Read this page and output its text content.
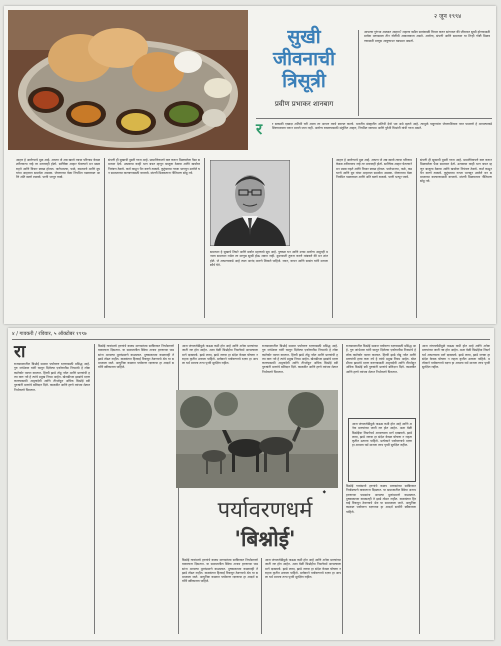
२ जून १९९४
सुखी
जीवनाची
त्रिसूत्री
प्रवीण प्रभाकर शानबाग
आपल्या गुरूंचा आठवत आहात? शहाणा वडील सायंकाळी विचार करुन सांगतात की जीवनात सुखी होण्यासाठी प्रत्येक माणसाला तीन गोष्टींची आवश्यकता असते. आरोग्य, संपत्ती आणि समाधान या तिन्ही गोष्टी मिळवण्यासाठी माणूस आयुष्यभर धडपडत असतो.
र	र सकाळी एखादा अतिथी घरी आला तर आपण त्याचे स्वागत करतो. भारतीय संस्कृतीत अतिथी देवो भव असे म्हटले आहे. त्यामुळे पाहुण्यांना जेवणाशिवाय परत पाठवणे हे आपल्याकडे शिष्टाचाराला धरून मानले जात नाही. आरोग्य राखण्यासाठी संतुलित आहार, नियमित व्यायाम आणि पुरेशी विश्रांती यांची गरज असते.
आहार हे आरोग्याचे मूळ आहे. आपण जे अन्न खातो त्याचा परिणाम केवळ शरीरावरच नव्हे तर मनावरही होतो. सात्त्विक आहार घेतल्याने मन प्रसन्न राहते आणि विचार स्वच्छ होतात. पालेभाज्या, फळे, कडधान्ये आणि दूध यांचा आहारात समावेश असावा. जेवणाच्या वेळा नियमित पाळाव्यात आणि अति खाणे टाळावे. पाणी भरपूर प्यावे.
संपत्ती ही सुखाची दुसरी गरज आहे. प्रामाणिकपणे कष्ट करून मिळवलेला पैसा समाधान देतो. उत्पन्नाचा काही भाग बचत म्हणून बाजूला ठेवावा आणि खर्चावर नियंत्रण ठेवावे. कर्ज काढून चैन करणे टाळावे. कुटुंबाच्या गरजा भागवून उरलेले धन समाजाच्या कल्याणासाठी वापरावे. संपत्ती मिळवताना नीतिमत्ता सोडू नये.
समाधान हे सुखाचे तिसरे आणि सर्वात महत्त्वाचे सूत्र आहे. पुष्कळ धन आणि उत्तम आरोग्य असूनही मनाला समाधान नसेल तर माणूस सुखी होऊ शकत नाही. दुसऱ्याशी तुलना करणे थांबवले की मन शांत होते. जे आपल्याकडे आहे त्यात आनंद मानणे शिकले पाहिजे. ध्यान, वाचन आणि सत्संग यांनी मनाला स्थैर्य येते.
आहार हे आरोग्याचे मूळ आहे. आपण जे अन्न खातो त्याचा परिणाम केवळ शरीरावरच नव्हे तर मनावरही होतो. सात्त्विक आहार घेतल्याने मन प्रसन्न राहते आणि विचार स्वच्छ होतात. पालेभाज्या, फळे, कडधान्ये आणि दूध यांचा आहारात समावेश असावा. जेवणाच्या वेळा नियमित पाळाव्यात आणि अति खाणे टाळावे. पाणी भरपूर प्यावे.
संपत्ती ही सुखाची दुसरी गरज आहे. प्रामाणिकपणे कष्ट करून मिळवलेला पैसा समाधान देतो. उत्पन्नाचा काही भाग बचत म्हणून बाजूला ठेवावा आणि खर्चावर नियंत्रण ठेवावे. कर्ज काढून चैन करणे टाळावे. कुटुंबाच्या गरजा भागवून उरलेले धन समाजाच्या कल्याणासाठी वापरावे. संपत्ती मिळवताना नीतिमत्ता सोडू नये.
४ / गावकरी / रविवार, ५ ऑक्टोबर १९९७
रा
राजस्थानातील बिश्नोई समाज पर्यावरण रक्षणासाठी प्रसिद्ध आहे. गुरु जांभेश्वर यांनी घालून दिलेल्या एकोणतीस नियमांचे हे लोक काटेकोर पालन करतात. हिरवी झाडे तोडू नयेत आणि प्राण्यांची हत्या करू नये हे त्यांचे प्रमुख नियम आहेत. खेजडीच्या झाडांचे रक्षण करण्यासाठी अमृतादेवी आणि तीनशेहून अधिक बिश्नोई स्त्री पुरुषांनी प्राणांचे बलिदान दिले. काळवीट आणि हरणे त्यांच्या शेतात निर्भयपणे फिरतात.
बिश्नोई गावांमध्ये हरणांचे कळप माणसांच्या सान्निध्यात निर्धास्तपणे वावरताना दिसतात. या समाजातील स्त्रिया अनाथ हरणाच्या पाडसांना आपल्या मुलांप्रमाणे वाढवतात. दुष्काळाच्या काळातही ते झाडे तोडत नाहीत. वाळवंटात हिरवाई टिकवून ठेवण्याचे श्रेय या समाजाला जाते. आधुनिक काळात पर्यावरण रक्षणाचा हा आदर्श सर्वांनी स्वीकारला पाहिजे.
आज जंगलतोडीमुळे पाऊस कमी होत आहे आणि अनेक प्राण्यांच्या जाती नष्ट होत आहेत. अशा वेळी बिश्नोईंचा निसर्गधर्म आपल्याला मार्ग दाखवतो. झाडे लावा, झाडे जगवा हा संदेश केवळ घोषणा न राहता कृतीत उतरला पाहिजे. प्रत्येकाने पर्यावरणाचे रक्षण हा आपला धर्म मानला तरच पृथ्वी सुरक्षित राहील.
राजस्थानातील बिश्नोई समाज पर्यावरण रक्षणासाठी प्रसिद्ध आहे. गुरु जांभेश्वर यांनी घालून दिलेल्या एकोणतीस नियमांचे हे लोक काटेकोर पालन करतात. हिरवी झाडे तोडू नयेत आणि प्राण्यांची हत्या करू नये हे त्यांचे प्रमुख नियम आहेत. खेजडीच्या झाडांचे रक्षण करण्यासाठी अमृतादेवी आणि तीनशेहून अधिक बिश्नोई स्त्री पुरुषांनी प्राणांचे बलिदान दिले. काळवीट आणि हरणे त्यांच्या शेतात निर्भयपणे फिरतात.
◆
पर्यावरणधर्म
'बिश्नोई'
बिश्नोई गावांमध्ये हरणांचे कळप माणसांच्या सान्निध्यात निर्धास्तपणे वावरताना दिसतात. या समाजातील स्त्रिया अनाथ हरणाच्या पाडसांना आपल्या मुलांप्रमाणे वाढवतात. दुष्काळाच्या काळातही ते झाडे तोडत नाहीत. वाळवंटात हिरवाई टिकवून ठेवण्याचे श्रेय या समाजाला जाते. आधुनिक काळात पर्यावरण रक्षणाचा हा आदर्श सर्वांनी स्वीकारला पाहिजे.
आज जंगलतोडीमुळे पाऊस कमी होत आहे आणि अनेक प्राण्यांच्या जाती नष्ट होत आहेत. अशा वेळी बिश्नोईंचा निसर्गधर्म आपल्याला मार्ग दाखवतो. झाडे लावा, झाडे जगवा हा संदेश केवळ घोषणा न राहता कृतीत उतरला पाहिजे. प्रत्येकाने पर्यावरणाचे रक्षण हा आपला धर्म मानला तरच पृथ्वी सुरक्षित राहील.
राजस्थानातील बिश्नोई समाज पर्यावरण रक्षणासाठी प्रसिद्ध आहे. गुरु जांभेश्वर यांनी घालून दिलेल्या एकोणतीस नियमांचे हे लोक काटेकोर पालन करतात. हिरवी झाडे तोडू नयेत आणि प्राण्यांची हत्या करू नये हे त्यांचे प्रमुख नियम आहेत. खेजडीच्या झाडांचे रक्षण करण्यासाठी अमृतादेवी आणि तीनशेहून अधिक बिश्नोई स्त्री पुरुषांनी प्राणांचे बलिदान दिले. काळवीट आणि हरणे त्यांच्या शेतात निर्भयपणे फिरतात.
आज जंगलतोडीमुळे पाऊस कमी होत आहे आणि अनेक प्राण्यांच्या जाती नष्ट होत आहेत. अशा वेळी बिश्नोईंचा निसर्गधर्म आपल्याला मार्ग दाखवतो. झाडे लावा, झाडे जगवा हा संदेश केवळ घोषणा न राहता कृतीत उतरला पाहिजे. प्रत्येकाने पर्यावरणाचे रक्षण हा आपला धर्म मानला तरच पृथ्वी सुरक्षित राहील.
बिश्नोई गावांमध्ये हरणांचे कळप माणसांच्या सान्निध्यात निर्धास्तपणे वावरताना दिसतात. या समाजातील स्त्रिया अनाथ हरणाच्या पाडसांना आपल्या मुलांप्रमाणे वाढवतात. दुष्काळाच्या काळातही ते झाडे तोडत नाहीत. वाळवंटात हिरवाई टिकवून ठेवण्याचे श्रेय या समाजाला जाते. आधुनिक काळात पर्यावरण रक्षणाचा हा आदर्श सर्वांनी स्वीकारला पाहिजे.
आज जंगलतोडीमुळे पाऊस कमी होत आहे आणि अनेक प्राण्यांच्या जाती नष्ट होत आहेत. अशा वेळी बिश्नोईंचा निसर्गधर्म आपल्याला मार्ग दाखवतो. झाडे लावा, झाडे जगवा हा संदेश केवळ घोषणा न राहता कृतीत उतरला पाहिजे. प्रत्येकाने पर्यावरणाचे रक्षण हा आपला धर्म मानला तरच पृथ्वी सुरक्षित राहील.
